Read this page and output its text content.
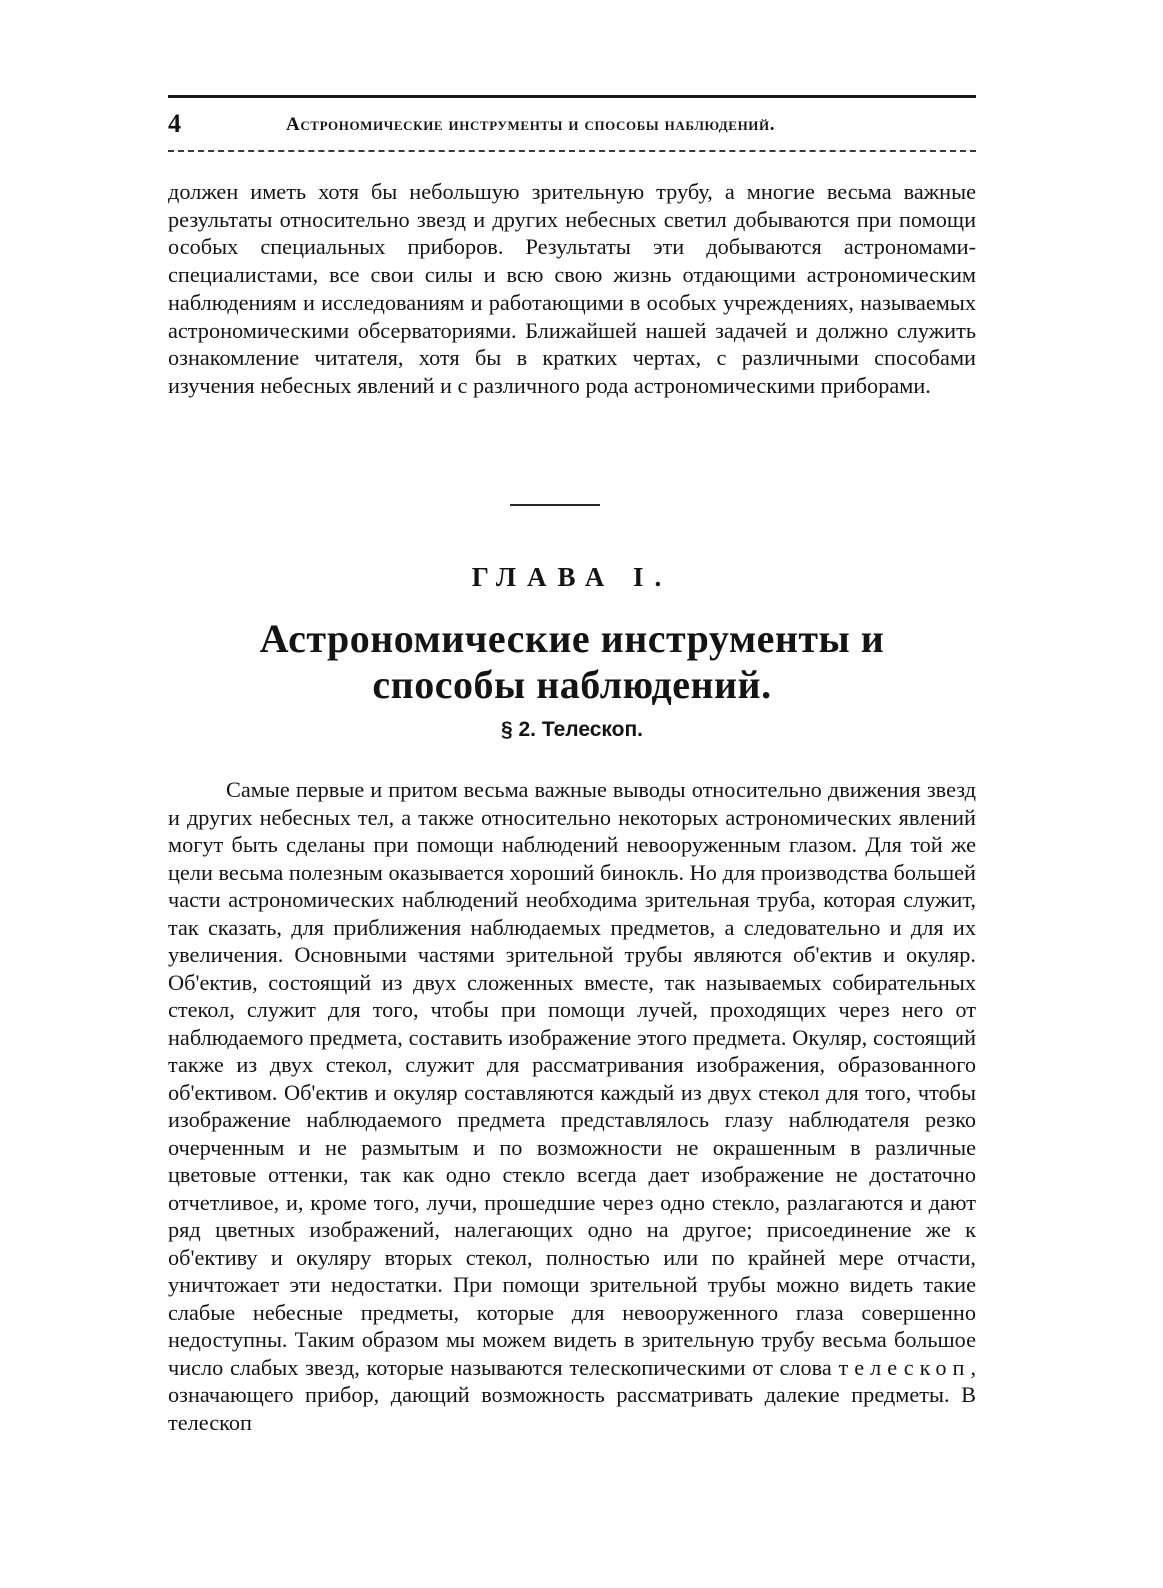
4	Астрономические инструменты и способы наблюдений.

должен иметь хотя бы небольшую зрительную трубу, а многие весьма важные результаты относительно звезд и других небесных светил добываются при помощи особых специальных приборов. Результаты эти добываются астрономами-специалистами, все свои силы и всю свою жизнь отдающими астрономическим наблюдениям и исследованиям и работающими в особых учреждениях, называемых астрономическими обсерваториями. Ближайшей нашей задачей и должно служить ознакомление читателя, хотя бы в кратких чертах, с различными способами изучения небесных явлений и с различного рода астрономическими приборами.

ГЛАВА I.
Астрономические инструменты и
способы наблюдений.
§ 2. Телескоп.

Самые первые и притом весьма важные выводы относительно движения звезд и других небесных тел, а также относительно некоторых астрономических явлений могут быть сделаны при помощи наблюдений невооруженным глазом. Для той же цели весьма полезным оказывается хороший бинокль. Но для производства большей части астрономических наблюдений необходима зрительная труба, которая служит, так сказать, для приближения наблюдаемых предметов, а следовательно и для их увеличения. Основными частями зрительной трубы являются об'ектив и окуляр. Об'ектив, состоящий из двух сложенных вместе, так называемых собирательных стекол, служит для того, чтобы при помощи лучей, проходящих через него от наблюдаемого предмета, составить изображение этого предмета. Окуляр, состоящий также из двух стекол, служит для рассматривания изображения, образованного об'ективом. Об'ектив и окуляр составляются каждый из двух стекол для того, чтобы изображение наблюдаемого предмета представлялось глазу наблюдателя резко очерченным и не размытым и по возможности не окрашенным в различные цветовые оттенки, так как одно стекло всегда дает изображение не достаточно отчетливое, и, кроме того, лучи, прошедшие через одно стекло, разлагаются и дают ряд цветных изображений, налегающих одно на другое; присоединение же к об'ективу и окуляру вторых стекол, полностью или по крайней мере отчасти, уничтожает эти недостатки. При помощи зрительной трубы можно видеть такие слабые небесные предметы, которые для невооруженного глаза совершенно недоступны. Таким образом мы можем видеть в зрительную трубу весьма большое число слабых звезд, которые называются телескопическими от слова телескоп, означающего прибор, дающий возможность рассматривать далекие предметы. В телескоп
